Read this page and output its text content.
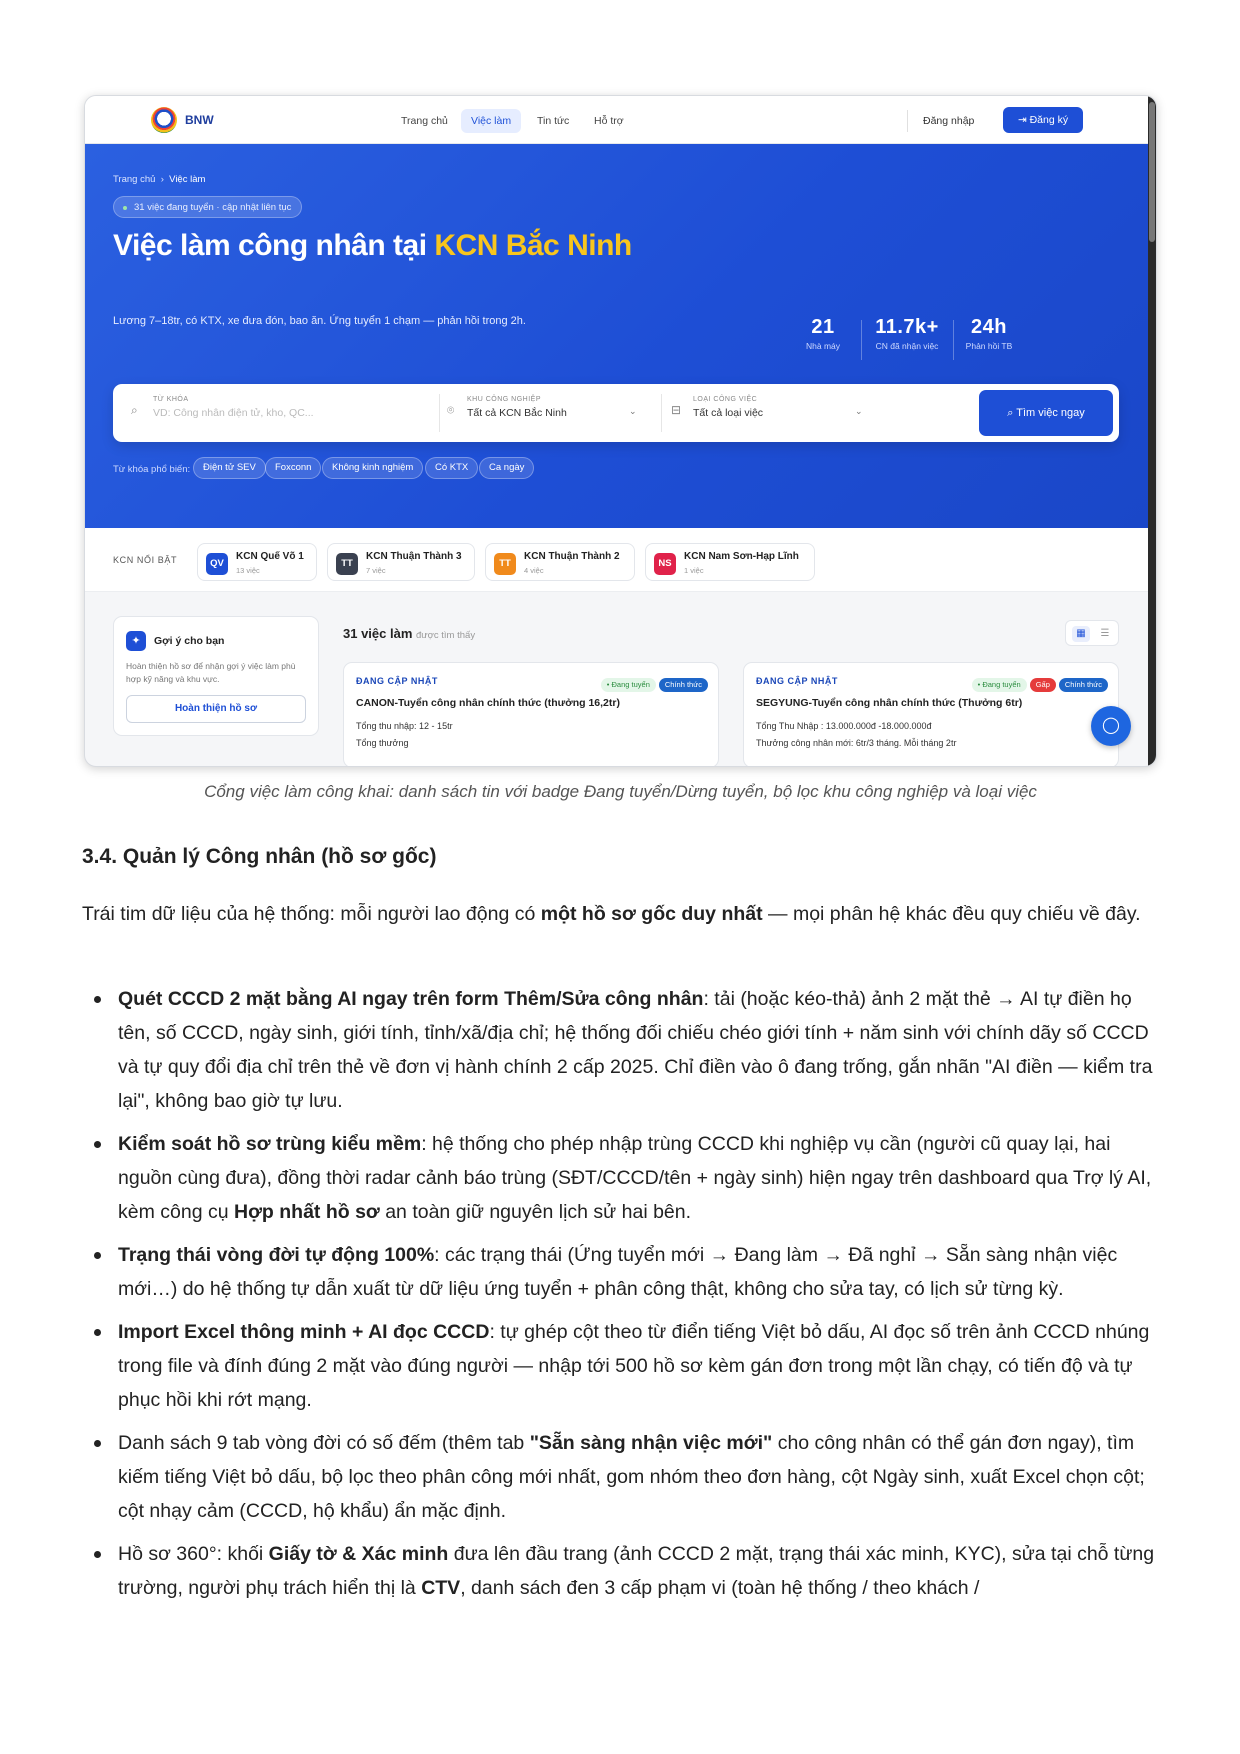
BNW	Trang chủ	Việc làm	Tin tức	Hỗ trợ	Đăng nhập	⇥ Đăng ký
Trang chủ › Việc làm
31 việc đang tuyển · cập nhật liên tục
Việc làm công nhân tại KCN Bắc Ninh
Lương 7–18tr, có KTX, xe đưa đón, bao ăn. Ứng tuyển 1 chạm — phản hồi trong 2h.	21
Nhà máy
11.7k+
CN đã nhận việc
24h
Phản hồi TB
⌕
TỪ KHÓA
VD: Công nhân điện tử, kho, QC...	⌾
KHU CÔNG NGHIỆP
Tất cả KCN Bắc Ninh	⌄	⊟
LOẠI CÔNG VIỆC
Tất cả loại việc	⌄	⌕ Tìm việc ngay
Từ khóa phổ biến:	Điện tử SEV	Foxconn	Không kinh nghiệm	Có KTX	Ca ngày
KCN NỔI BẬT	QV
KCN Quế Võ 1
13 việc
TT
KCN Thuận Thành 3
7 việc
TT
KCN Thuận Thành 2
4 việc
NS
KCN Nam Sơn-Hạp Lĩnh
1 việc
✦	Gợi ý cho bạn
Hoàn thiện hồ sơ để nhận gợi ý việc làm phù hợp kỹ năng và khu vực.
Hoàn thiện hồ sơ
31 việc làm được tìm thấy	▦	☰
ĐANG CẬP NHẬT	• Đang tuyển Chính thức
CANON-Tuyển công nhân chính thức (thưởng 16,2tr)
Tổng thu nhập: 12 - 15tr
Tổng thưởng
ĐANG CẬP NHẬT	• Đang tuyển Gấp Chính thức
SEGYUNG-Tuyển công nhân chính thức (Thưởng 6tr)
Tổng Thu Nhập : 13.000.000đ -18.000.000đ
Thưởng công nhân mới: 6tr/3 tháng. Mỗi tháng 2tr
◯
Cổng việc làm công khai: danh sách tin với badge Đang tuyển/Dừng tuyển, bộ lọc khu công nghiệp và loại việc
3.4. Quản lý Công nhân (hồ sơ gốc)
Trái tim dữ liệu của hệ thống: mỗi người lao động có một hồ sơ gốc duy nhất — mọi phân hệ khác đều quy chiếu về đây.
Quét CCCD 2 mặt bằng AI ngay trên form Thêm/Sửa công nhân: tải (hoặc kéo-thả) ảnh 2 mặt thẻ → AI tự điền họ tên, số CCCD, ngày sinh, giới tính, tỉnh/xã/địa chỉ; hệ thống đối chiếu chéo giới tính + năm sinh với chính dãy số CCCD và tự quy đổi địa chỉ trên thẻ về đơn vị hành chính 2 cấp 2025. Chỉ điền vào ô đang trống, gắn nhãn "AI điền — kiểm tra lại", không bao giờ tự lưu.
Kiểm soát hồ sơ trùng kiểu mềm: hệ thống cho phép nhập trùng CCCD khi nghiệp vụ cần (người cũ quay lại, hai nguồn cùng đưa), đồng thời radar cảnh báo trùng (SĐT/CCCD/tên + ngày sinh) hiện ngay trên dashboard qua Trợ lý AI, kèm công cụ Hợp nhất hồ sơ an toàn giữ nguyên lịch sử hai bên.
Trạng thái vòng đời tự động 100%: các trạng thái (Ứng tuyển mới → Đang làm → Đã nghỉ → Sẵn sàng nhận việc mới…) do hệ thống tự dẫn xuất từ dữ liệu ứng tuyển + phân công thật, không cho sửa tay, có lịch sử từng kỳ.
Import Excel thông minh + AI đọc CCCD: tự ghép cột theo từ điển tiếng Việt bỏ dấu, AI đọc số trên ảnh CCCD nhúng trong file và đính đúng 2 mặt vào đúng người — nhập tới 500 hồ sơ kèm gán đơn trong một lần chạy, có tiến độ và tự phục hồi khi rớt mạng.
Danh sách 9 tab vòng đời có số đếm (thêm tab "Sẵn sàng nhận việc mới" cho công nhân có thể gán đơn ngay), tìm kiếm tiếng Việt bỏ dấu, bộ lọc theo phân công mới nhất, gom nhóm theo đơn hàng, cột Ngày sinh, xuất Excel chọn cột; cột nhạy cảm (CCCD, hộ khẩu) ẩn mặc định.
Hồ sơ 360°: khối Giấy tờ & Xác minh đưa lên đầu trang (ảnh CCCD 2 mặt, trạng thái xác minh, KYC), sửa tại chỗ từng trường, người phụ trách hiển thị là CTV, danh sách đen 3 cấp phạm vi (toàn hệ thống / theo khách /
